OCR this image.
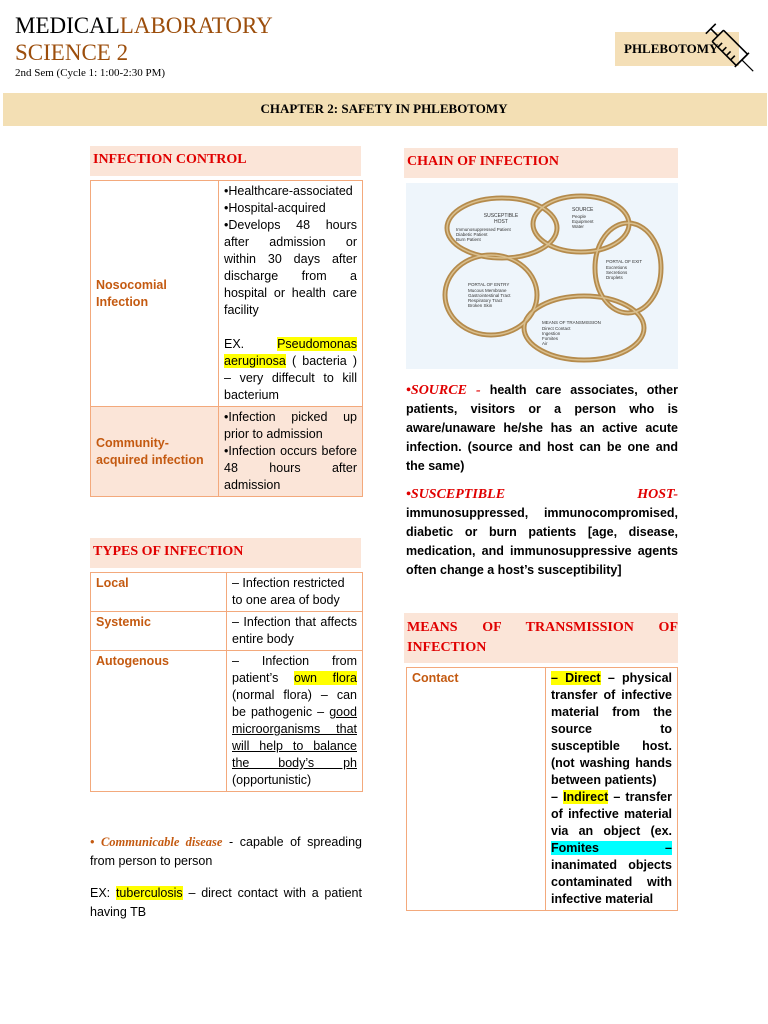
MEDICALLABORATORY
SCIENCE 2
2nd Sem (Cycle 1: 1:00-2:30 PM)
PHLEBOTOMY
CHAPTER 2: SAFETY IN PHLEBOTOMY
INFECTION CONTROL
Nosocomial Infection	•Healthcare-associated
•Hospital-acquired
•Develops 48 hours after admission or within 30 days after discharge from a hospital or health care facility
EX. Pseudomonas aeruginosa ( bacteria ) – very diffecult to kill bacterium

Community-acquired infection	•Infection picked up prior to admission
•Infection occurs before 48 hours after admission
TYPES OF INFECTION
Local	– Infection restricted to one area of body
Systemic	– Infection that affects entire body
Autogenous	– Infection from patient’s own flora (normal flora) – can be pathogenic – good microorganisms that will help to balance the body’s ph (opportunistic)
• Communicable disease - capable of spreading from person to person
EX: tuberculosis – direct contact with a patient having TB
CHAIN OF INFECTION
SUSCEPTIBLE HOST
Immunosuppressed Patient
Diabetic Patient
Burn Patient
SOURCE
People
Equipment
Water
PORTAL OF EXIT
Excretions
Secretions
Droplets
PORTAL OF ENTRY
Mucous Membrane
Gastrointestinal Tract
Respiratory Tract
Broken Skin
MEANS OF TRANSMISSION
Direct Contact
Ingestion
Fomites
Air
•SOURCE - health care associates, other patients, visitors or a person who is aware/unaware he/she has an active acute infection. (source and host can be one and the same)
•SUSCEPTIBLE HOST-
immunosuppressed, immunocompromised, diabetic or burn patients [age, disease, medication, and immunosuppressive agents often change a host’s susceptibility]
MEANS OF TRANSMISSION OF INFECTION
Contact	– Direct – physical transfer of infective material from the source to susceptible host. (not washing hands between patients)
– Indirect – transfer of infective material via an object (ex. Fomites – inanimated objects contaminated with infective material
